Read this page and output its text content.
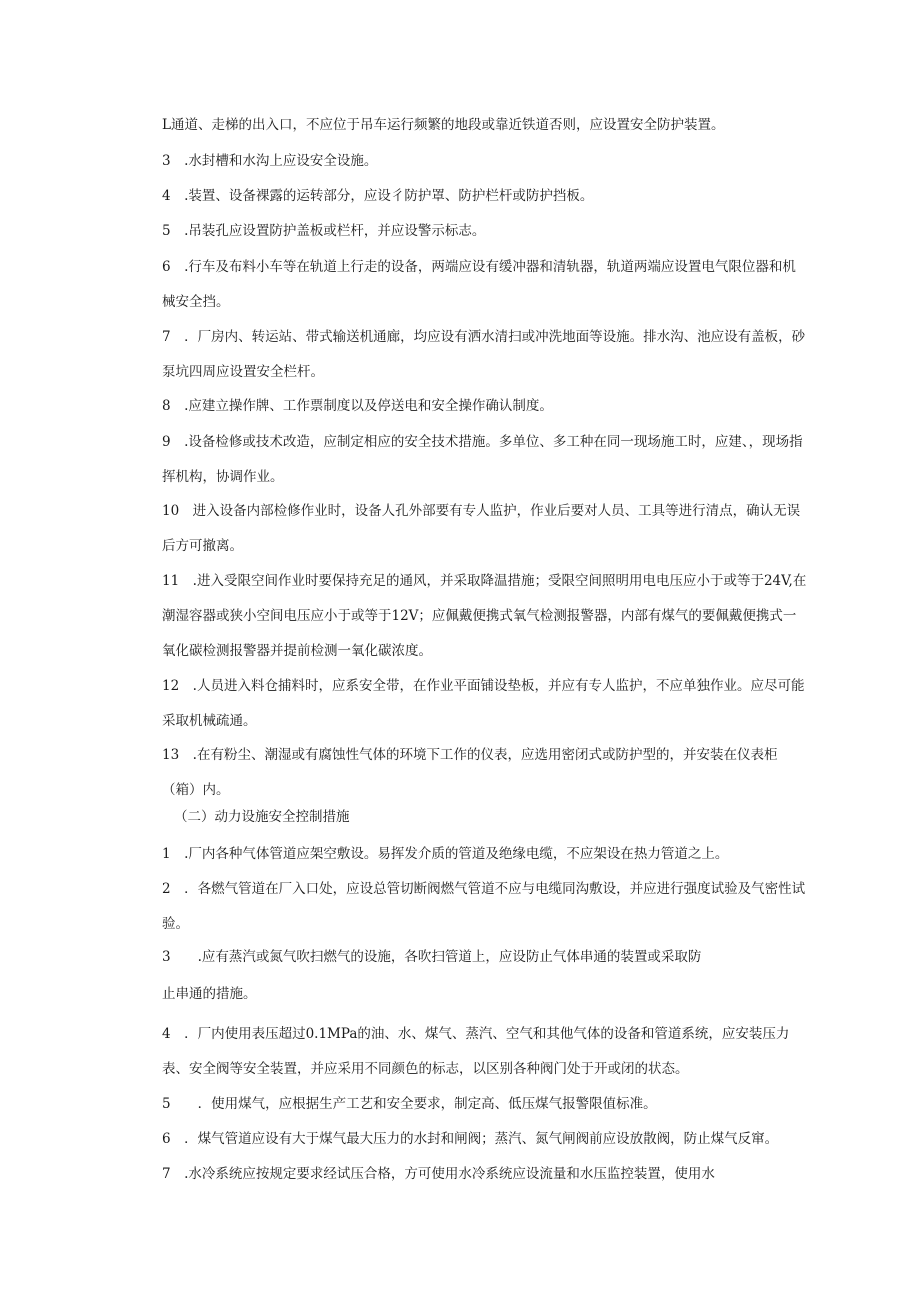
L通道、走梯的出入口，不应位于吊车运行频繁的地段或靠近铁道否则，应设置安全防护装置。

3　.水封槽和水沟上应设安全设施。

4　.装置、设备裸露的运转部分，应设彳防护罩、防护栏杆或防护挡板。

5　.吊装孔应设置防护盖板或栏杆，并应设警示标志。

6　.行车及布料小车等在轨道上行走的设备，两端应设有缓冲器和清轨器，轨道两端应设置电气限位器和机械安全挡。

7　．厂房内、转运站、带式输送机通廊，均应设有洒水清扫或冲洗地面等设施。排水沟、池应设有盖板，砂泵坑四周应设置安全栏杆。

8　.应建立操作牌、工作票制度以及停送电和安全操作确认制度。

9　.设备检修或技术改造，应制定相应的安全技术措施。多单位、多工种在同一现场施工时，应建、，现场指挥机构，协调作业。

10　进入设备内部检修作业时，设备人孔外部要有专人监护，作业后要对人员、工具等进行清点，确认无误后方可撤离。

11　.进入受限空间作业时要保持充足的通风，并采取降温措施；受限空间照明用电电压应小于或等于24V,在潮湿容器或狭小空间电压应小于或等于12V；应佩戴便携式氧气检测报警器，内部有煤气的要佩戴便携式一氧化碳检测报警器并提前检测一氧化碳浓度。

12　.人员进入料仓捕料时，应系安全带，在作业平面铺设垫板，并应有专人监护，不应单独作业。应尽可能采取机械疏通。

13　.在有粉尘、潮湿或有腐蚀性气体的环境下工作的仪表，应选用密闭式或防护型的，并安装在仪表柜（箱）内。

（二）动力设施安全控制措施

1　.厂内各种气体管道应架空敷设。易挥发介质的管道及绝缘电缆，不应架设在热力管道之上。

2　．各燃气管道在厂入口处，应设总管切断阀燃气管道不应与电缆同沟敷设，并应进行强度试验及气密性试验。

3　　.应有蒸汽或氮气吹扫燃气的设施，各吹扫管道上，应设防止气体串通的装置或采取防

止串通的措施。

4　．厂内使用表压超过0.1MPa的油、水、煤气、蒸汽、空气和其他气体的设备和管道系统，应安装压力表、安全阀等安全装置，并应采用不同颜色的标志，以区别各种阀门处于开或闭的状态。

5　　．使用煤气，应根据生产工艺和安全要求，制定高、低压煤气报警限值标准。

6　．煤气管道应设有大于煤气最大压力的水封和闸阀；蒸汽、氮气闸阀前应设放散阀，防止煤气反窜。

7　.水冷系统应按规定要求经试压合格，方可使用水冷系统应设流量和水压监控装置，使用水
